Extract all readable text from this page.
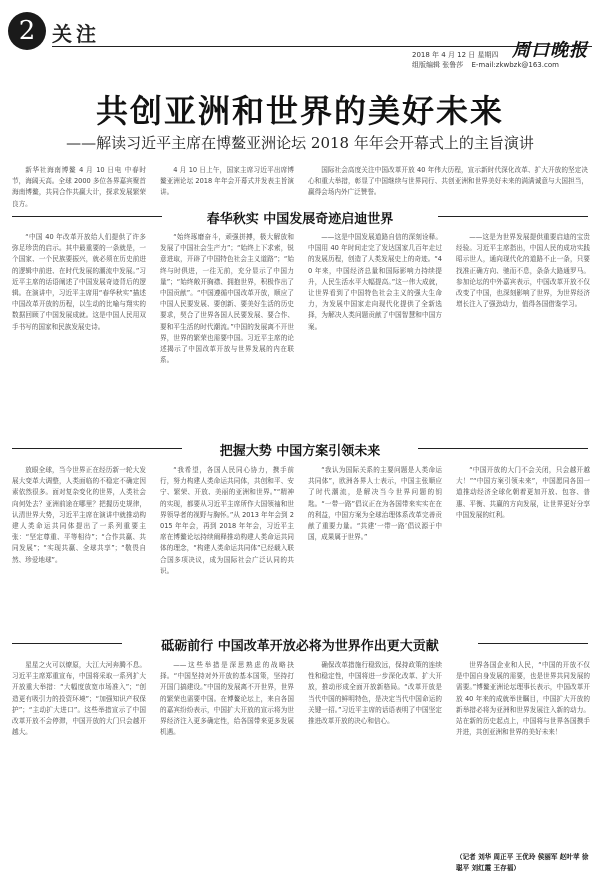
2 关注
周口晚报
2018 年 4 月 12 日 星期四
组版编辑 张鲁莎 E-mail:zkwbzk@163.com
共创亚洲和世界的美好未来
——解读习近平主席在博鳌亚洲论坛 2018 年年会开幕式上的主旨演讲

新华社海南博鳌 4 月 10 日电 中春时节，海阔天高。全球 2000 多位各界嘉宾聚首海南博鳌，共同合作共赢大计，探求发展繁荣良方。

4 月 10 日上午，国家主席习近平出席博鳌亚洲论坛 2018 年年会开幕式并发表主旨演讲。

国际社会高度关注中国改革开放 40 年伟大历程，宣示新时代深化改革、扩大开放的坚定决心和重大举措，彰显了中国继续与世界同行、共创亚洲和世界美好未来的满满诚意与大国担当，赢得会场内外广泛赞誉。

春华秋实 中国发展奇迹启迪世界

“中国 40 年改革开放给人们提供了许多弥足珍贵的启示。其中最重要的一条就是，一个国家、一个民族要振兴，就必须在历史前进的逻辑中前进、在时代发展的潮流中发展。”习近平主席的话语阐述了中国发展奇迹背后的逻辑。在演讲中，习近平主席用“春华秋实”描述中国改革开放的历程，以生动的比喻与翔实的数据回顾了中国发展成就。这是中国人民用双手书写的国家和民族发展史诗。

“始终琢磨奋斗，顽强拼搏，极大解放和发展了中国社会生产力”；“始终上下求索，锐意进取，开辟了中国特色社会主义道路”；“始终与时俱进，一往无前，充分显示了中国力量”；“始终敞开胸襟、拥抱世界，积极作出了中国贡献”。“中国遵循中国改革开放，顺应了中国人民要发展、要创新、要美好生活的历史要求，契合了世界各国人民要发展、要合作、要和平生活的时代潮流。”中国的发展离不开世界，世界的繁荣也需要中国。习近平主席的论述揭示了中国改革开放与世界发展的内在联系。

——这是中国发展道路自信的深刻诠释。中国用 40 年时间走完了发达国家几百年走过的发展历程，创造了人类发展史上的奇迹。“40 年来，中国经济总量和国际影响力持续提升，人民生活水平大幅提高。”这一伟大成就，让世界看到了中国特色社会主义的强大生命力，为发展中国家走向现代化提供了全新选择，为解决人类问题贡献了中国智慧和中国方案。

——这是为世界发展提供重要启迪的宝贵经验。习近平主席指出，中国人民的成功实践昭示世人，通向现代化的道路不止一条，只要找准正确方向、驰而不息，条条大路通罗马。参加论坛的中外嘉宾表示，中国改革开放不仅改变了中国，也深刻影响了世界，为世界经济增长注入了强劲动力，值得各国借鉴学习。

把握大势 中国方案引领未来

放眼全球，当今世界正在经历新一轮大发展大变革大调整，人类面临的不稳定不确定因素依然很多。面对复杂变化的世界，人类社会向何处去？亚洲前途在哪里？把握历史规律，认清世界大势，习近平主席在演讲中就推动构建人类命运共同体提出了一系列重要主张：“坚定尊重、平等相待”；“合作共赢、共同发展”；“实现共赢、全球共享”；“敬畏自然、珍爱地球”。

“我希望，各国人民同心协力，携手前行，努力构建人类命运共同体，共创和平、安宁、繁荣、开放、美丽的亚洲和世界。”“精神的实现，都要从习近平主席所作大国领袖和世界领导者的视野与胸怀。”从 2013 年年会到 2015 年年会，再到 2018 年年会，习近平主席在博鳌论坛持续阐释推动构建人类命运共同体的理念，“构建人类命运共同体”已经载入联合国多项决议，成为国际社会广泛认同的共识。

“我认为国际关系的主要问题是人类命运共同体”，欧洲各界人士表示，中国主张顺应了时代潮流，是解决当今世界问题的钥匙。“一带一路”倡议正在为各国带来实实在在的利益，中国方案为全球治理体系改革完善贡献了重要力量。“共建‘一带一路’倡议源于中国，成果属于世界。”

“中国开放的大门不会关闭，只会越开越大！”“中国方案引领未来”，中国愿同各国一道推动经济全球化朝着更加开放、包容、普惠、平衡、共赢的方向发展，让世界更好分享中国发展的红利。

砥砺前行 中国改革开放必将为世界作出更大贡献

星星之火可以燎原，大江大河奔腾不息。习近平主席郑重宣布，中国将采取一系列扩大开放重大举措：“大幅度放宽市场准入”；“创造更有吸引力的投资环境”；“加强知识产权保护”；“主动扩大进口”。这些举措宣示了中国改革开放不会停滞，中国开放的大门只会越开越大。

——这些举措是深思熟虑的战略抉择。“中国坚持对外开放的基本国策，坚持打开国门搞建设。”中国的发展离不开世界，世界的繁荣也需要中国。在博鳌论坛上，来自各国的嘉宾纷纷表示，中国扩大开放的宣示将为世界经济注入更多确定性，给各国带来更多发展机遇。

确保改革措施行稳致远，保持政策的连续性和稳定性，中国将进一步深化改革、扩大开放，推动形成全面开放新格局。“改革开放是当代中国的鲜明特色，是决定当代中国命运的关键一招。”习近平主席的话语表明了中国坚定推进改革开放的决心和信心。

世界各国企业和人民，“中国的开放不仅是中国自身发展的需要，也是世界共同发展的需要。”博鳌亚洲论坛理事长表示，中国改革开放 40 年来的成就举世瞩目，中国扩大开放的新举措必将为亚洲和世界发展注入新的动力。站在新的历史起点上，中国将与世界各国携手并进，共创亚洲和世界的美好未来！

（记者 刘华 周正平 王优玲 侯丽军 赵叶苹 徐聪平 刘红霞 王存福）
